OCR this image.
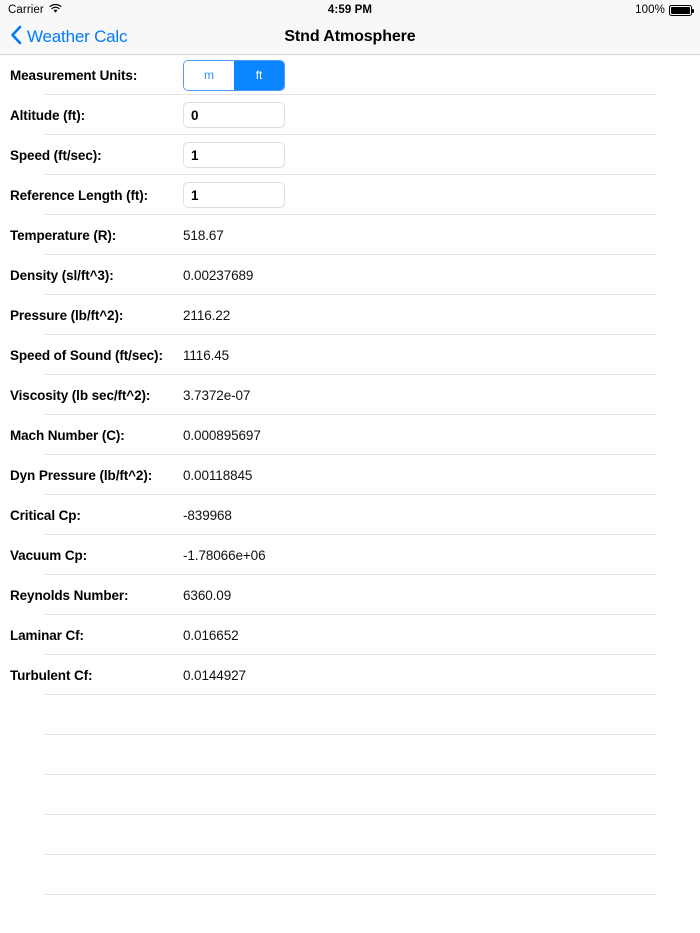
Carrier	4:59 PM	100%
Weather Calc	Stnd Atmosphere
Measurement Units:	m	ft
Altitude (ft):
0
Speed (ft/sec):
1
Reference Length (ft):
1
Temperature (R):	518.67
Density (sl/ft^3):	0.00237689
Pressure (lb/ft^2):	2116.22
Speed of Sound (ft/sec):	1116.45
Viscosity (lb sec/ft^2):	3.7372e-07
Mach Number (C):	0.000895697
Dyn Pressure (lb/ft^2):	0.00118845
Critical Cp:	-839968
Vacuum Cp:	-1.78066e+06
Reynolds Number:	6360.09
Laminar Cf:	0.016652
Turbulent Cf:	0.0144927
